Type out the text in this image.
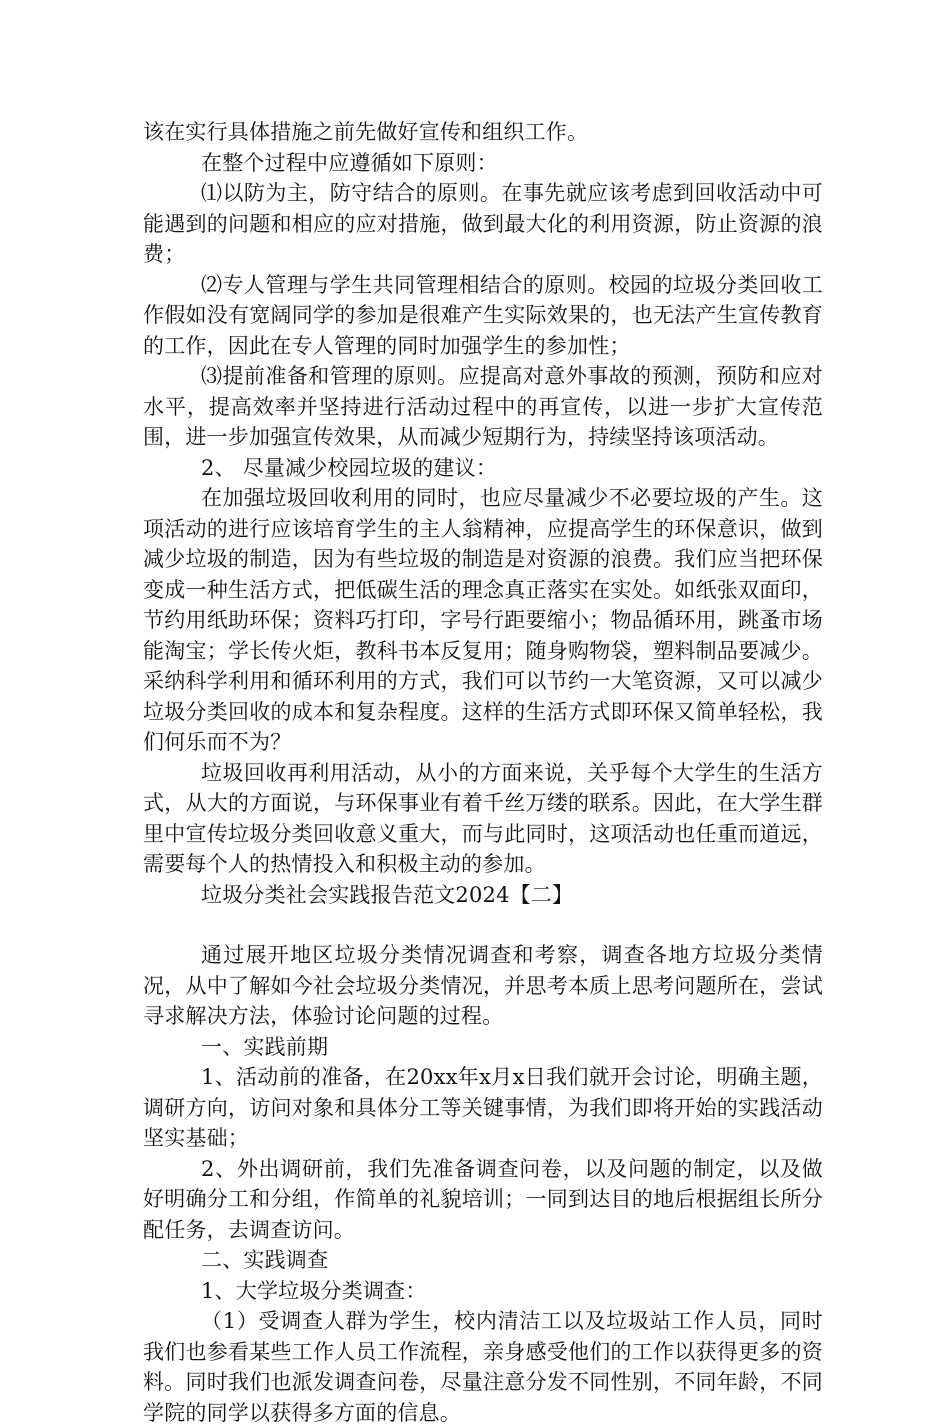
该在实行具体措施之前先做好宣传和组织工作。

在整个过程中应遵循如下原则：

⑴以防为主，防守结合的原则。在事先就应该考虑到回收活动中可能遇到的问题和相应的应对措施，做到最大化的利用资源，防止资源的浪费；

⑵专人管理与学生共同管理相结合的原则。校园的垃圾分类回收工作假如没有宽阔同学的参加是很难产生实际效果的，也无法产生宣传教育的工作，因此在专人管理的同时加强学生的参加性；

⑶提前准备和管理的原则。应提高对意外事故的预测，预防和应对水平，提高效率并坚持进行活动过程中的再宣传，以进一步扩大宣传范围，进一步加强宣传效果，从而减少短期行为，持续坚持该项活动。

2、 尽量减少校园垃圾的建议：

在加强垃圾回收利用的同时，也应尽量减少不必要垃圾的产生。这项活动的进行应该培育学生的主人翁精神，应提高学生的环保意识，做到减少垃圾的制造，因为有些垃圾的制造是对资源的浪费。我们应当把环保变成一种生活方式，把低碳生活的理念真正落实在实处。如纸张双面印，节约用纸助环保；资料巧打印，字号行距要缩小；物品循环用，跳蚤市场能淘宝；学长传火炬，教科书本反复用；随身购物袋，塑料制品要减少。采纳科学利用和循环利用的方式，我们可以节约一大笔资源，又可以减少垃圾分类回收的成本和复杂程度。这样的生活方式即环保又简单轻松，我们何乐而不为？

垃圾回收再利用活动，从小的方面来说，关乎每个大学生的生活方式，从大的方面说，与环保事业有着千丝万缕的联系。因此，在大学生群里中宣传垃圾分类回收意义重大，而与此同时，这项活动也任重而道远，需要每个人的热情投入和积极主动的参加。

垃圾分类社会实践报告范文2024【二】

通过展开地区垃圾分类情况调查和考察，调查各地方垃圾分类情况，从中了解如今社会垃圾分类情况，并思考本质上思考问题所在，尝试寻求解决方法，体验讨论问题的过程。

一、实践前期

1、活动前的准备，在20xx年x月x日我们就开会讨论，明确主题，调研方向，访问对象和具体分工等关键事情，为我们即将开始的实践活动坚实基础；

2、外出调研前，我们先准备调查问卷，以及问题的制定，以及做好明确分工和分组，作简单的礼貌培训；一同到达目的地后根据组长所分配任务，去调查访问。

二、实践调查

1、大学垃圾分类调查：

（1）受调查人群为学生，校内清洁工以及垃圾站工作人员，同时我们也参看某些工作人员工作流程，亲身感受他们的工作以获得更多的资料。同时我们也派发调查问卷，尽量注意分发不同性别，不同年龄，不同学院的同学以获得多方面的信息。
